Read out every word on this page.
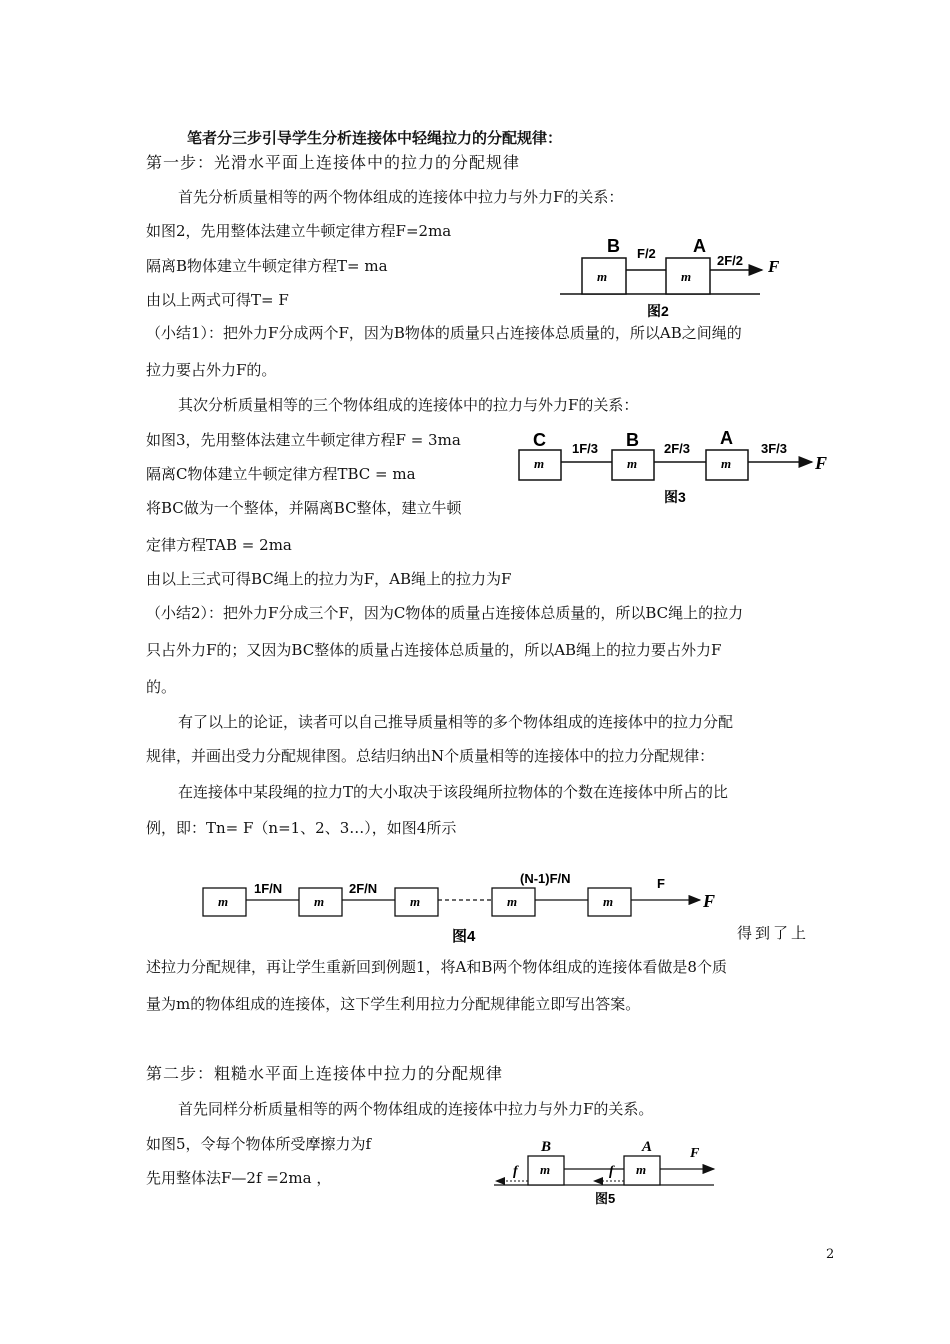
笔者分三步引导学生分析连接体中轻绳拉力的分配规律：
第一步：光滑水平面上连接体中的拉力的分配规律
首先分析质量相等的两个物体组成的连接体中拉力与外力F的关系：
如图2，先用整体法建立牛顿定律方程F=2ma
隔离B物体建立牛顿定律方程T= ma
由以上两式可得T= F
（小结1）：把外力F分成两个F，因为B物体的质量只占连接体总质量的，所以AB之间绳的
拉力要占外力F的。
其次分析质量相等的三个物体组成的连接体中的拉力与外力F的关系：
如图3，先用整体法建立牛顿定律方程F = 3ma
隔离C物体建立牛顿定律方程TBC = ma
将BC做为一个整体，并隔离BC整体，建立牛顿
定律方程TAB = 2ma
由以上三式可得BC绳上的拉力为F，AB绳上的拉力为F
（小结2）：把外力F分成三个F，因为C物体的质量占连接体总质量的，所以BC绳上的拉力
只占外力F的；又因为BC整体的质量占连接体总质量的，所以AB绳上的拉力要占外力F
的。
有了以上的论证，读者可以自己推导质量相等的多个物体组成的连接体中的拉力分配
规律，并画出受力分配规律图。总结归纳出N个质量相等的连接体中的拉力分配规律：
在连接体中某段绳的拉力T的大小取决于该段绳所拉物体的个数在连接体中所占的比
例，即：Tn= F（n=1、2、3…），如图4所示
得到了上
述拉力分配规律，再让学生重新回到例题1，将A和B两个物体组成的连接体看做是8个质
量为m的物体组成的连接体，这下学生利用拉力分配规律能立即写出答案。
第二步：粗糙水平面上连接体中拉力的分配规律
首先同样分析质量相等的两个物体组成的连接体中拉力与外力F的关系。
如图5，令每个物体所受摩擦力为f
先用整体法F—2f =2ma ，
2
m	m
B	A
F/2	2F/2 F
图2
m	m	m
C	B	A
1F/3	2F/3	3F/3
F
图3
m	m	m	m	m
1F/N	2F/N
(N-1)F/N	F
F
图4
m	m
B	A
f	f
F
图5
